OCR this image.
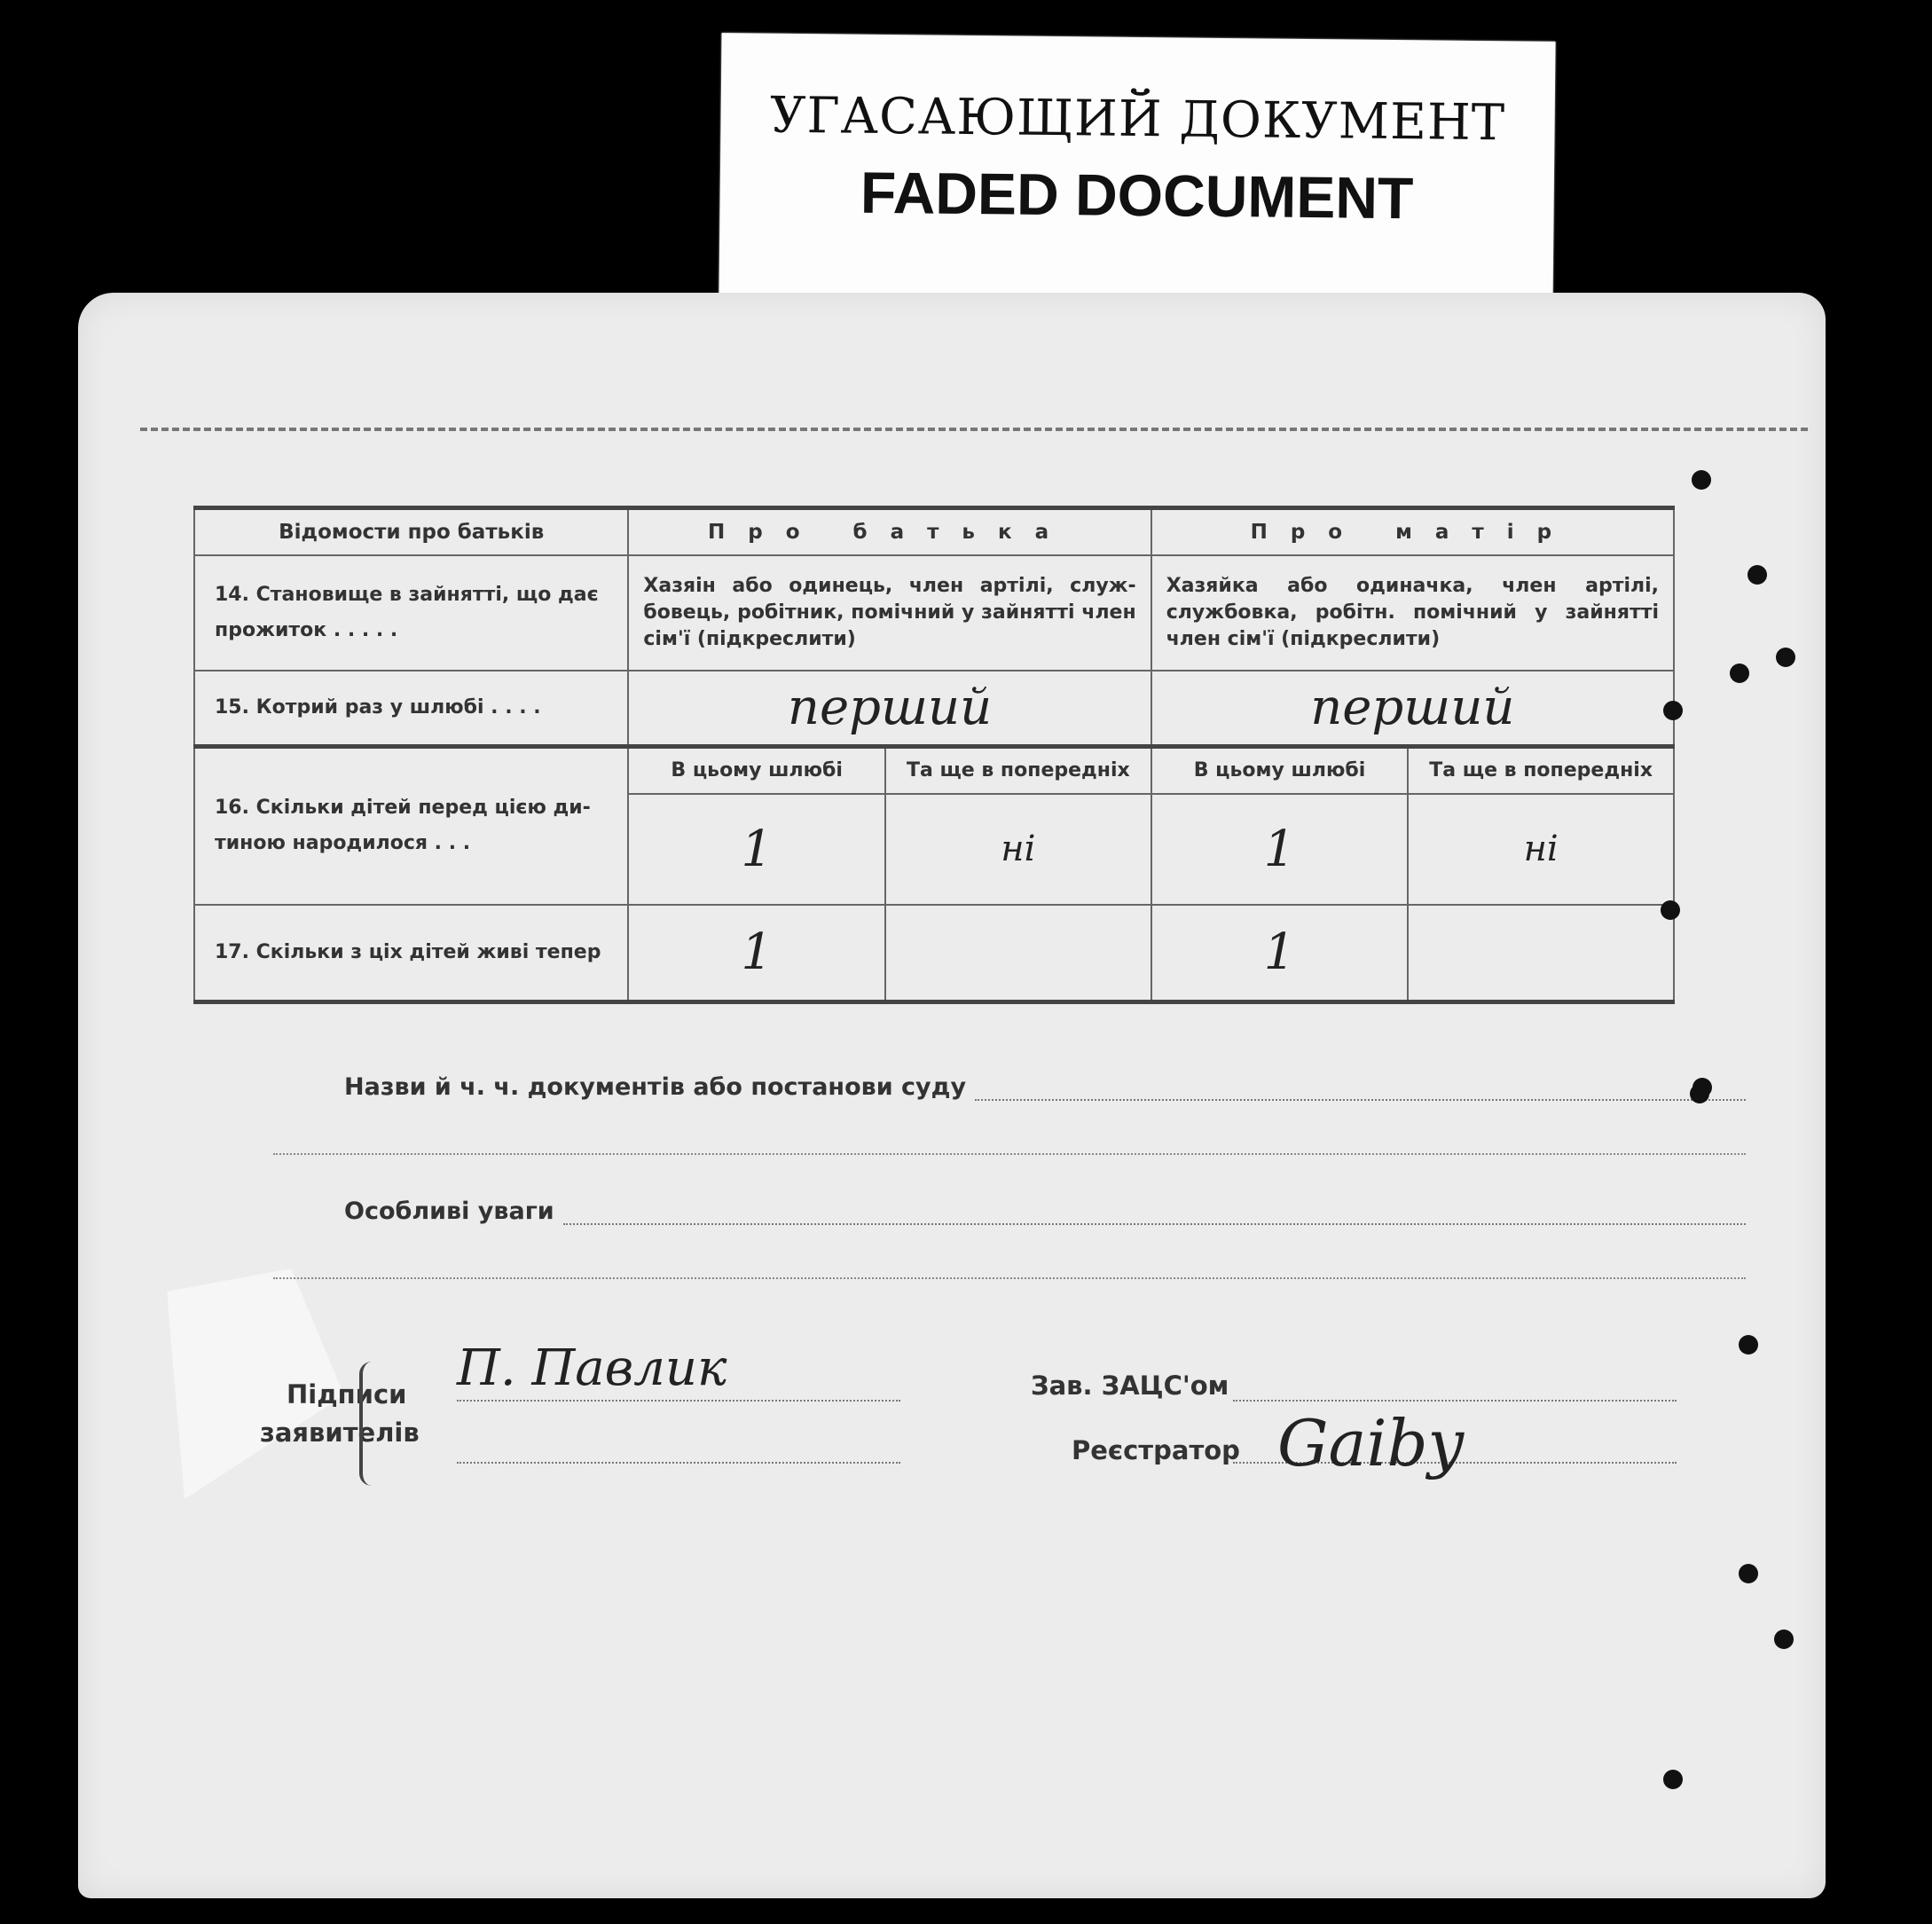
УГАСАЮЩИЙ ДОКУМЕНТ
FADED DOCUMENT
Відомости про батьків	Про батька		Про матір	
14. Становище в зайнятті, що дає прожиток . . . . .	Хазяін або одинець, член артілі, служ-бовець, робітник, помічний у зайнятті член сім'ї (підкреслити)		Хазяйка або одиначка, член артілі, службовка, робітн. помічний у зайнятті член сім'ї (підкреслити)	
15. Котрий раз у шлюбі . . . .	перший		перший	
16. Скільки дітей перед цією ди-тиною народилося . . .	В цьому шлюбі	Та ще в попередніх	В цьому шлюбі	Та ще в попередніх
	1	ні	1	ні
17. Скільки з ціх дітей живі тепер	1		1	
Назви й ч. ч. документів або постанови суду
Особливі уваги
Підписи
заявителів
П. Павлик	Зав. ЗАЦС'ом
Реєстратор Gaiby
